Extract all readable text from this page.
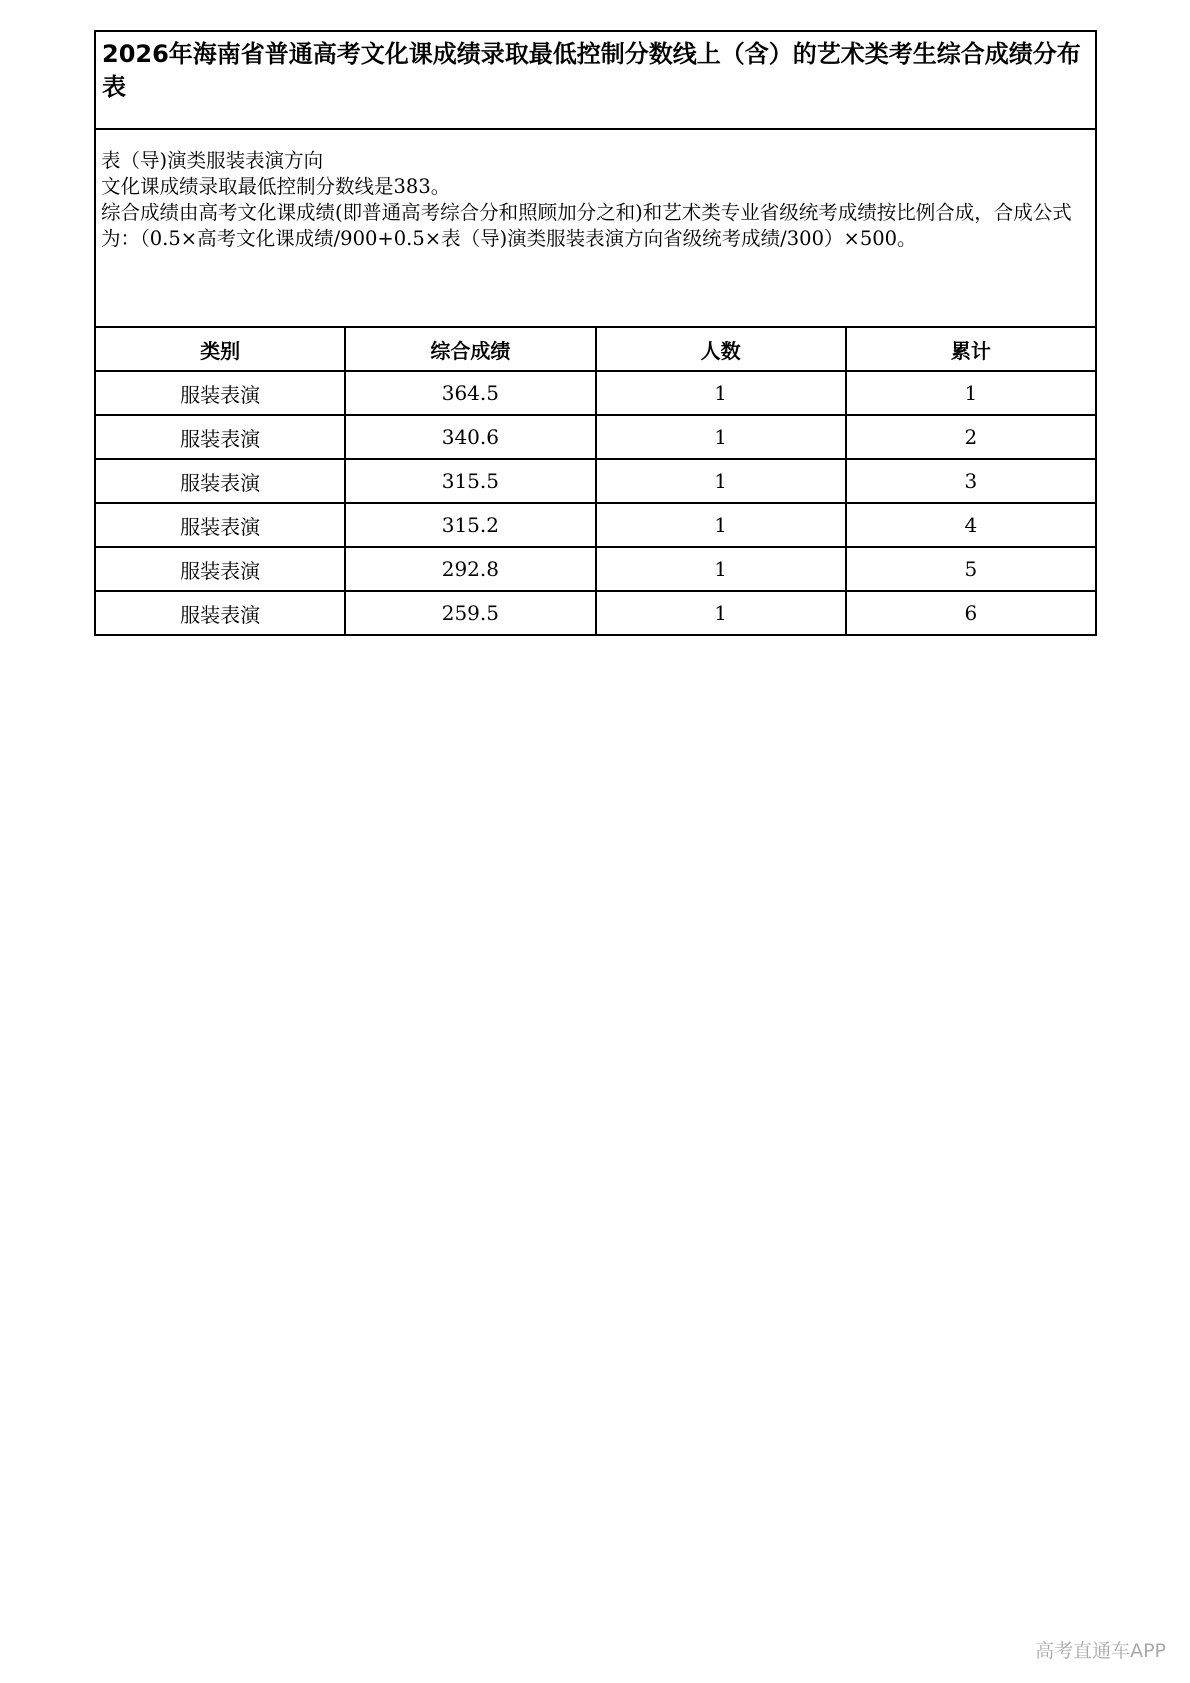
2026年海南省普通高考文化课成绩录取最低控制分数线上（含）的艺术类考生综合成绩分布表			

表（导)演类服装表演方向
文化课成绩录取最低控制分数线是383。
综合成绩由高考文化课成绩(即普通高考综合分和照顾加分之和)和艺术类专业省级统考成绩按比例合成，合成公式为：（0.5×高考文化课成绩/900+0.5×表（导)演类服装表演方向省级统考成绩/300）×500。			

类别	综合成绩	人数	累计
服装表演	364.5	1	1
服装表演	340.6	1	2
服装表演	315.5	1	3
服装表演	315.2	1	4
服装表演	292.8	1	5
服装表演	259.5	1	6
高考直通车APP
